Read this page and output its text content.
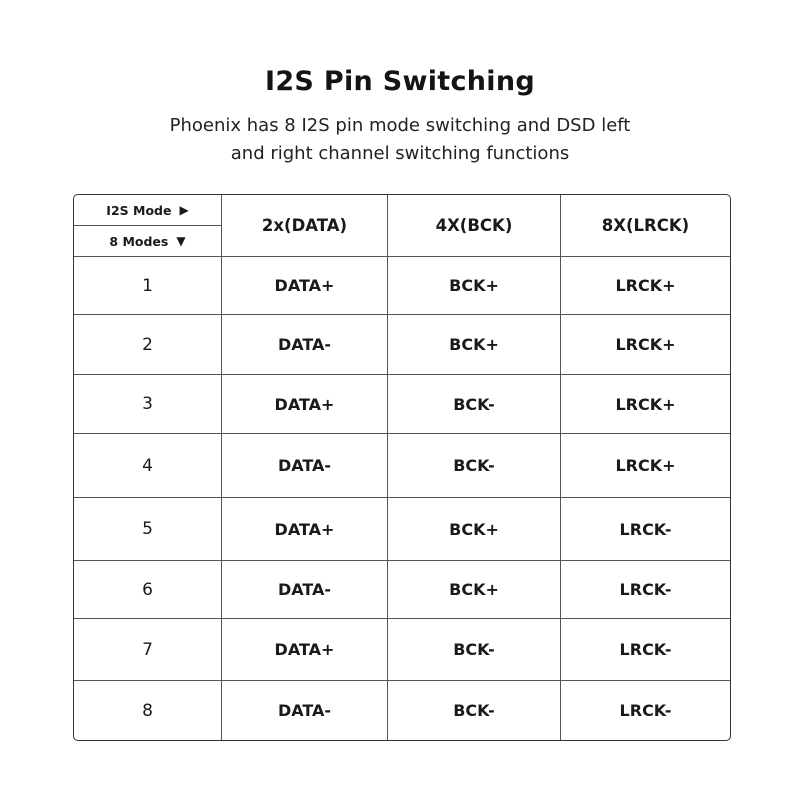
I2S Pin Switching
Phoenix has 8 I2S pin mode switching and DSD left
and right channel switching functions
I2S Mode ▶
8 Modes ▼
2x(DATA)	4X(BCK)	8X(LRCK)
1	DATA+	BCK+	LRCK+
2	DATA-	BCK+	LRCK+
3	DATA+	BCK-	LRCK+
4	DATA-	BCK-	LRCK+
5	DATA+	BCK+	LRCK-
6	DATA-	BCK+	LRCK-
7	DATA+	BCK-	LRCK-
8	DATA-	BCK-	LRCK-
